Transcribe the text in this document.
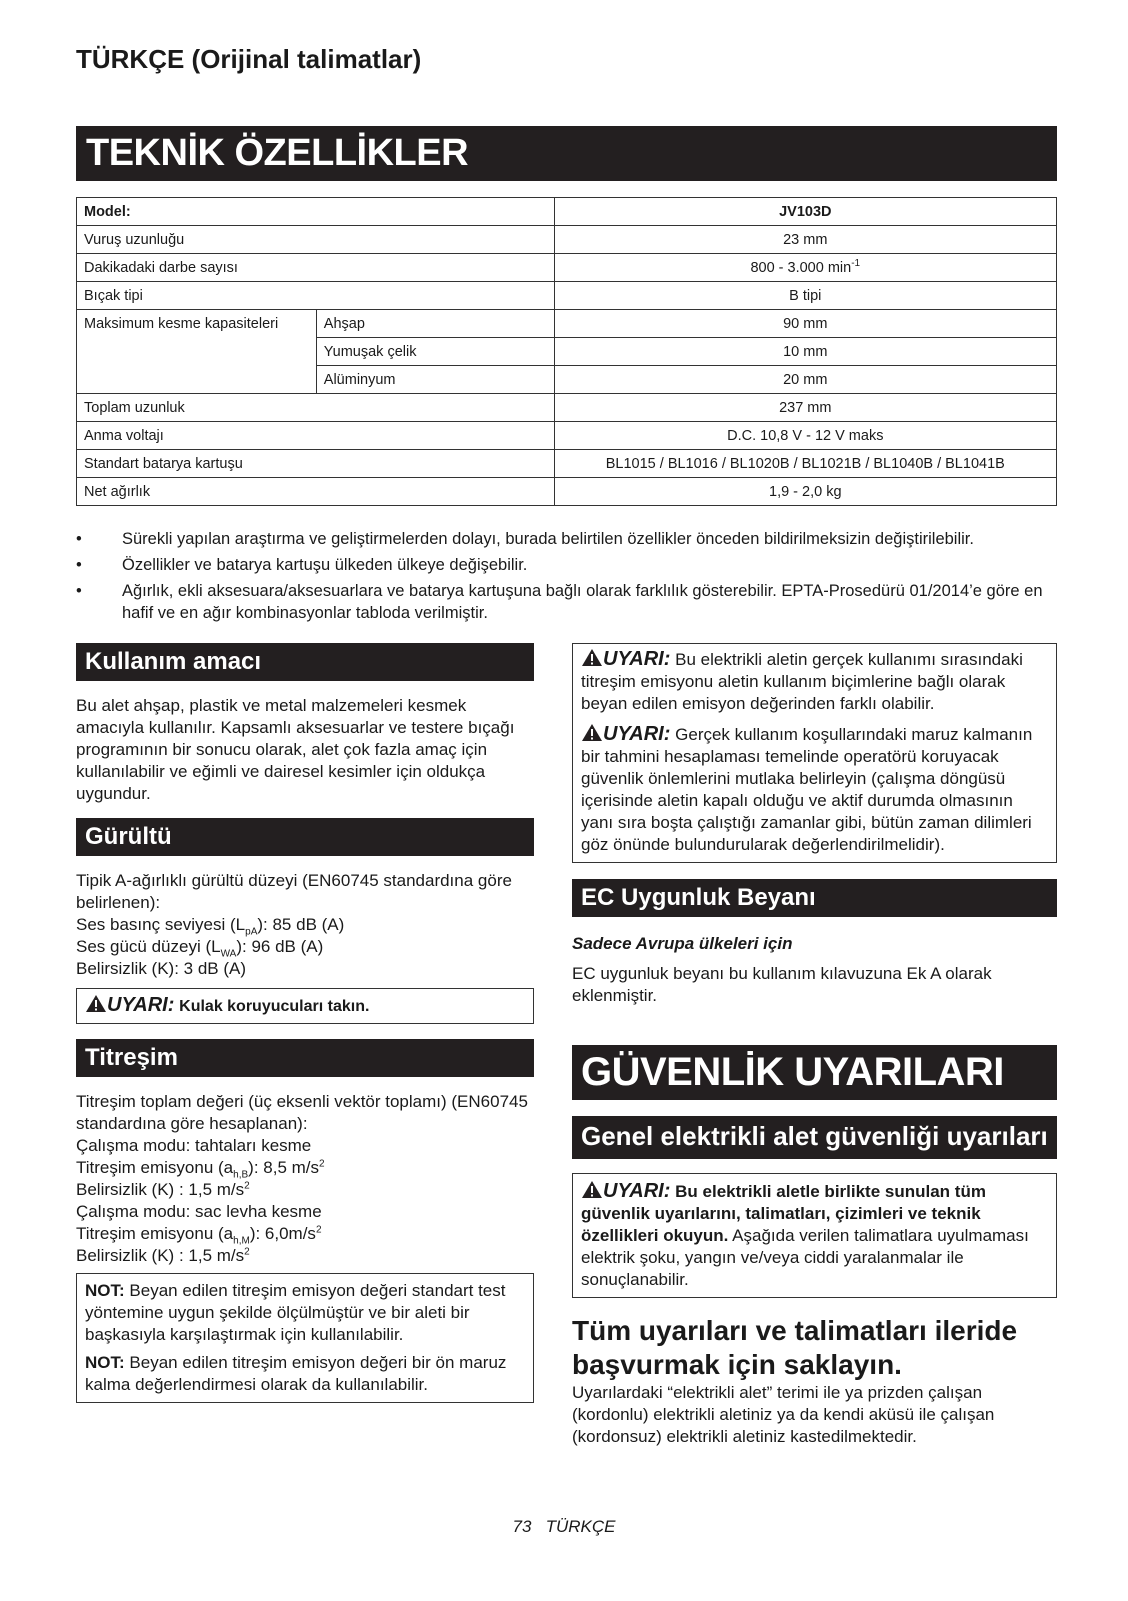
TÜRKÇE (Orijinal talimatlar)
TEKNİK ÖZELLİKLER
Model:		JV103D
Vuruş uzunluğu		23 mm
Dakikadaki darbe sayısı		800 - 3.000 $\min^{-1}$
Bıçak tipi		B tipi
Maksimum kesme kapasiteleri	Ahşap	90 mm
	Yumuşak çelik	10 mm
	Alüminyum	20 mm
Toplam uzunluk		237 mm
Anma voltajı		D.C. 10,8 V - 12 V maks
Standart batarya kartuşu		BL1015 / BL1016 / BL1020B / BL1021B / BL1040B / BL1041B
Net ağırlık		1,9 - 2,0 kg
• Sürekli yapılan araştırma ve geliştirmelerden dolayı, burada belirtilen özellikler önceden bildirilmeksizin değiştirilebilir.
• Özellikler ve batarya kartuşu ülkeden ülkeye değişebilir.
• Ağırlık, ekli aksesuara/aksesuarlara ve batarya kartuşuna bağlı olarak farklılık gösterebilir. EPTA-Prosedürü 01/2014’e göre en hafif ve en ağır kombinasyonlar tabloda verilmiştir.
Kullanım amacı

Bu alet ahşap, plastik ve metal malzemeleri kesmek amacıyla kullanılır. Kapsamlı aksesuarlar ve testere bıçağı programının bir sonucu olarak, alet çok fazla amaç için kullanılabilir ve eğimli ve dairesel kesimler için oldukça uygundur.

Gürültü

Tipik A-ağırlıklı gürültü düzeyi (EN60745 standardına göre belirlenen):

Ses basınç seviyesi $(L_{pA})$: 85 dB (A)

Ses gücü düzeyi $(L_{WA})$: 96 dB (A)

Belirsizlik (K): 3 dB (A)

UYARI: Kulak koruyucuları takın.
Titreşim

Titreşim toplam değeri (üç eksenli vektör toplamı) (EN60745 standardına göre hesaplanan):

Çalışma modu: tahtaları kesme

Titreşim emisyonu $(a_{h,B})$: 8,5 $m/s^2$

Belirsizlik (K) : 1,5 $m/s^2$

Çalışma modu: sac levha kesme

Titreşim emisyonu $(a_{h,M})$: $6,0m/s^2$

Belirsizlik (K) : 1,5 $m/s^2$

NOT: Beyan edilen titreşim emisyon değeri standart test yöntemine uygun şekilde ölçülmüştür ve bir aleti bir başkasıyla karşılaştırmak için kullanılabilir.

NOT: Beyan edilen titreşim emisyon değeri bir ön maruz kalma değerlendirmesi olarak da kullanılabilir.

UYARI: Bu elektrikli aletin gerçek kullanımı sırasındaki titreşim emisyonu aletin kullanım biçimlerine bağlı olarak beyan edilen emisyon değerinden farklı olabilir.

UYARI: Gerçek kullanım koşullarındaki maruz kalmanın bir tahmini hesaplaması temelinde operatörü koruyacak güvenlik önlemlerini mutlaka belirleyin (çalışma döngüsü içerisinde aletin kapalı olduğu ve aktif durumda olmasının yanı sıra boşta çalıştığı zamanlar gibi, bütün zaman dilimleri göz önünde bulundurularak değerlendirilmelidir).

EC Uygunluk Beyanı

Sadece Avrupa ülkeleri için

EC uygunluk beyanı bu kullanım kılavuzuna Ek A olarak eklenmiştir.

GÜVENLİK UYARILARI
Genel elektrikli alet güvenliği uyarıları

UYARI: Bu elektrikli aletle birlikte sunulan tüm güvenlik uyarılarını, talimatları, çizimleri ve teknik özellikleri okuyun. Aşağıda verilen talimatlara uyulmaması elektrik şoku, yangın ve/veya ciddi yaralanmalar ile sonuçlanabilir.

Tüm uyarıları ve talimatları ileride başvurmak için saklayın.

Uyarılardaki “elektrikli alet” terimi ile ya prizden çalışan (kordonlu) elektrikli aletiniz ya da kendi aküsü ile çalışan (kordonsuz) elektrikli aletiniz kastedilmektedir.

73 TÜRKÇE
